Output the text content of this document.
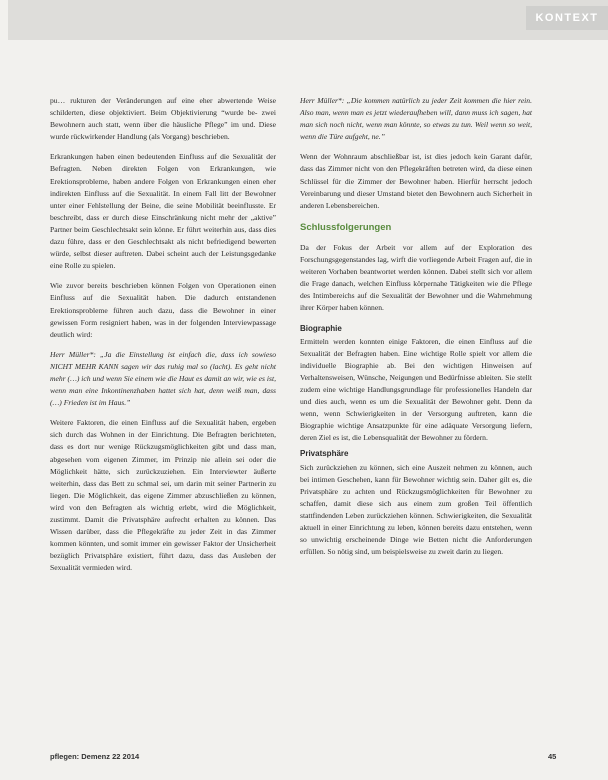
KONTEXT

pu… rukturen der Veränderungen auf eine eher abwertende Weise schilderten, diese objektiviert. Beim Objektivierung “wurde be- zwei Bewohnern auch statt, wenn über die häusliche Pflege” im und. Diese wurde rückwirkender Handlung (als Vorgang) beschrieben.

Erkrankungen haben einen bedeutenden Einfluss auf die Sexualität der Befragten. Neben direkten Folgen von Erkrankungen, wie Erektionsprobleme, haben andere Folgen von Erkrankungen einen eher indirekten Einfluss auf die Sexualität. In einem Fall litt der Bewohner unter einer Fehlstellung der Beine, die seine Mobilität beeinflusste. Er beschreibt, dass er durch diese Einschränkung nicht mehr der „aktive” Partner beim Geschlechtsakt sein könne. Er führt weiterhin aus, dass dies dazu führe, dass er den Geschlechtsakt als nicht befriedigend bewerten würde, selbst dieser auftreten. Dabei scheint auch der Leistungsgedanke eine Rolle zu spielen.

Wie zuvor bereits beschrieben können Folgen von Operationen einen Einfluss auf die Sexualität haben. Die dadurch entstandenen Erektionsprobleme führen auch dazu, dass die Bewohner in einer gewissen Form resigniert haben, was in der folgenden Interviewpassage deutlich wird:

Herr Müller*: „Ja die Einstellung ist einfach die, dass ich sowieso NICHT MEHR KANN sagen wir das ruhig mal so (lacht). Es geht nicht mehr (…) ich und wenn Sie einem wie die Haut es damit an wir, wie es ist, wenn man eine Inkontinenzhaben hattet sich hat, denn weiß man, dass (…) Frieden ist im Haus.”

Weitere Faktoren, die einen Einfluss auf die Sexualität haben, ergeben sich durch das Wohnen in der Einrichtung. Die Befragten berichteten, dass es dort nur wenige Rückzugsmöglichkeiten gibt und dass man, abgesehen vom eigenen Zimmer, im Prinzip nie allein sei oder die Möglichkeit hätte, sich zurückzuziehen. Ein Interviewter äußerte weiterhin, dass das Bett zu schmal sei, um darin mit seiner Partnerin zu liegen. Die Möglichkeit, das eigene Zimmer abzuschließen zu können, wird von den Befragten als wichtig erlebt, wird die Möglichkeit, zustimmt. Damit die Privatsphäre aufrecht erhalten zu können. Das Wissen darüber, dass die Pflegekräfte zu jeder Zeit in das Zimmer kommen könnten, und somit immer ein gewisser Faktor der Unsicherheit bezüglich Privatsphäre existiert, führt dazu, dass das Ausleben der Sexualität vermieden wird.

Herr Müller*: „Die kommen natürlich zu jeder Zeit kommen die hier rein. Also man, wenn man es jetzt wiederaufheben will, dann muss ich sagen, hat man sich noch nicht, wenn man könnte, so etwas zu tun. Weil wenn so weit, wenn die Türe aufgeht, ne.”

Wenn der Wohnraum abschließbar ist, ist dies jedoch kein Garant dafür, dass das Zimmer nicht von den Pflegekräften betreten wird, da diese einen Schlüssel für die Zimmer der Bewohner haben. Hierfür herrscht jedoch Vereinbarung und dieser Umstand bietet den Bewohnern auch Sicherheit in anderen Lebensbereichen.

Schlussfolgerungen

Da der Fokus der Arbeit vor allem auf der Exploration des Forschungsgegenstandes lag, wirft die vorliegende Arbeit Fragen auf, die in weiteren Vorhaben beantwortet werden können. Dabei stellt sich vor allem die Frage danach, welchen Einfluss körpernahe Tätigkeiten wie die Pflege des Intimbereichs auf die Sexualität der Bewohner und die Wahrnehmung ihrer Körper haben können.

Biographie

Ermitteln werden konnten einige Faktoren, die einen Einfluss auf die Sexualität der Befragten haben. Eine wichtige Rolle spielt vor allem die individuelle Biographie ab. Bei den wichtigen Hinweisen auf Verhaltensweisen, Wünsche, Neigungen und Bedürfnisse ableiten. Sie stellt zudem eine wichtige Handlungsgrundlage für professionelles Handeln dar und dies auch, wenn es um die Sexualität der Bewohner geht. Denn da wenn, wenn Schwierigkeiten in der Versorgung auftreten, kann die Biographie wichtige Ansatzpunkte für eine adäquate Versorgung liefern, deren Ziel es ist, die Lebensqualität der Bewohner zu fördern.

Privatsphäre

Sich zurückziehen zu können, sich eine Auszeit nehmen zu können, auch bei intimen Geschehen, kann für Bewohner wichtig sein. Daher gilt es, die Privatsphäre zu achten und Rückzugsmöglichkeiten für Bewohner zu schaffen, damit diese sich aus einem zum großen Teil öffentlich stattfindenden Leben zurückziehen können. Schwierigkeiten, die Sexualität aktuell in einer Einrichtung zu leben, können bereits dazu entstehen, wenn so unwichtig erscheinende Dinge wie Betten nicht die Anforderungen erfüllen. So nötig sind, um beispielsweise zu zweit darin zu liegen.

pflegen: Demenz 22 2014	45
